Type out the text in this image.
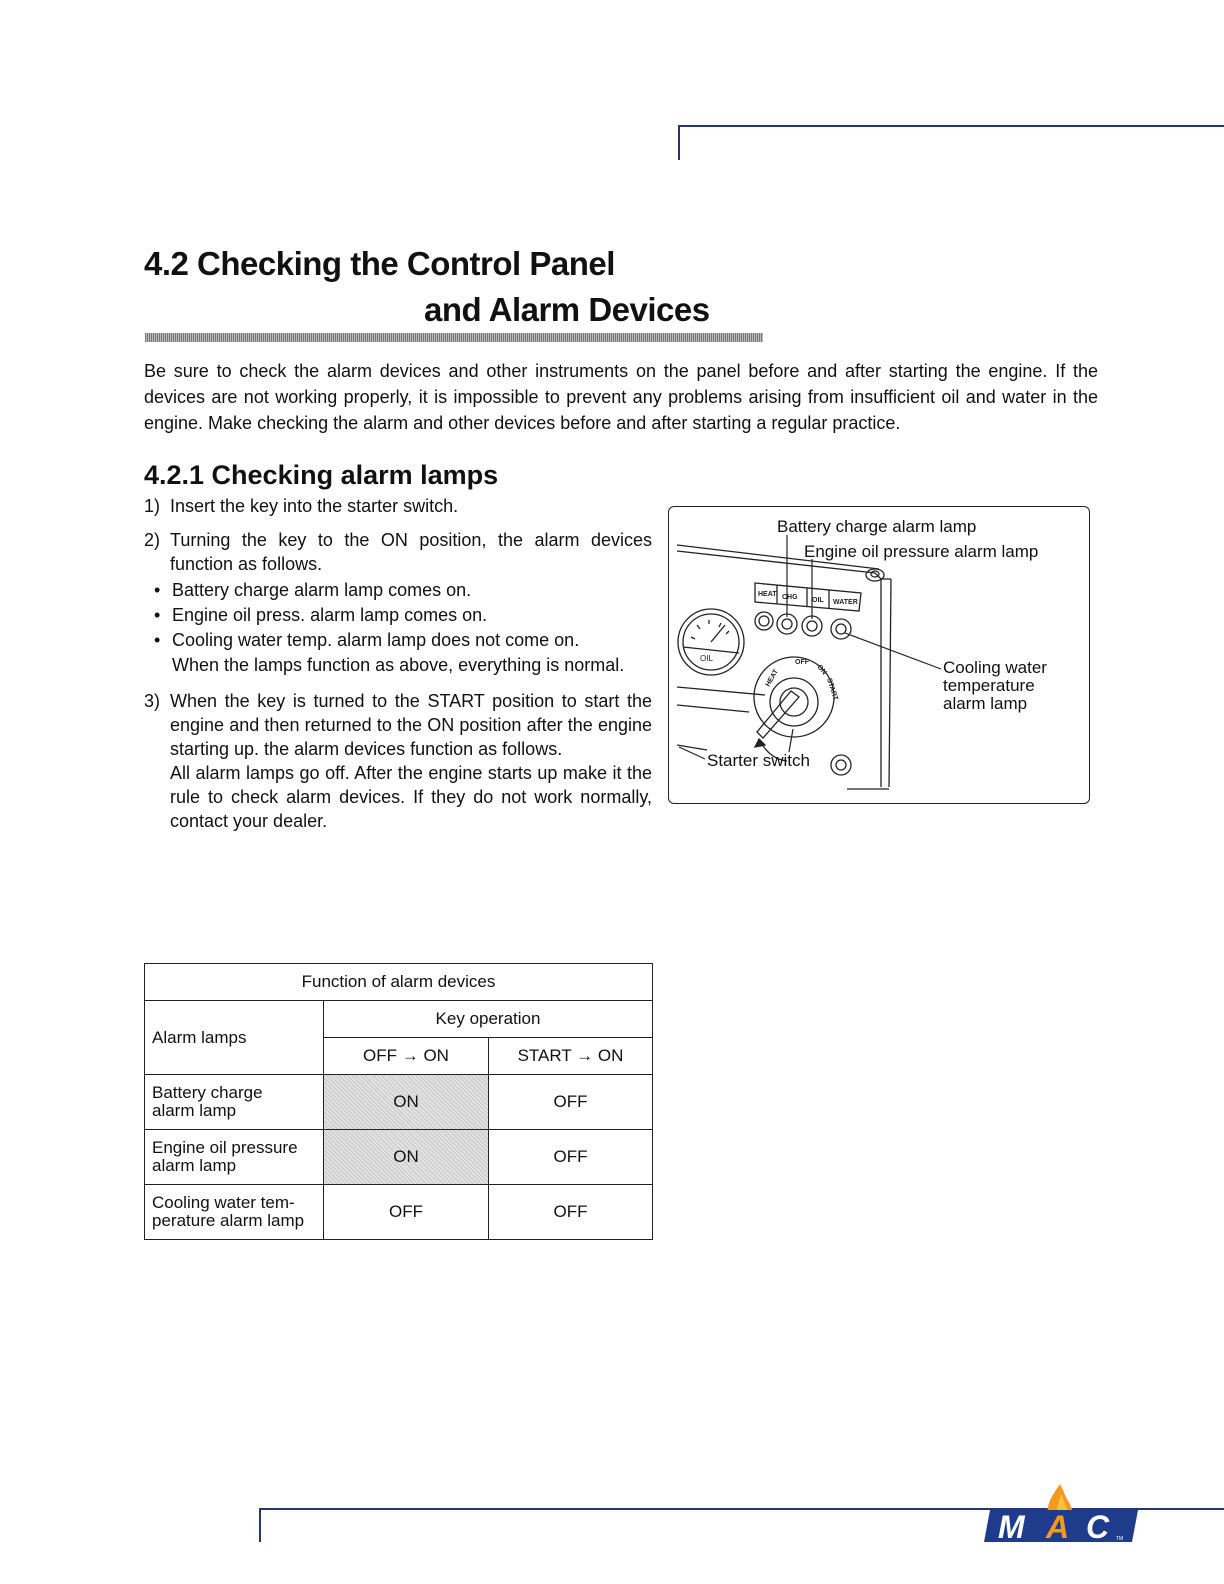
4.2 Checking the Control Panel
and Alarm Devices
Be sure to check the alarm devices and other instruments on the panel before and after starting the engine. If the devices are not working properly, it is impossible to prevent any problems arising from insufficient oil and water in the engine. Make checking the alarm and other devices before and after starting a regular practice.
4.2.1 Checking alarm lamps
1) Insert the key into the starter switch.
2) Turning the key to the ON position, the alarm devices function as follows.
• Battery charge alarm lamp comes on.
• Engine oil press. alarm lamp comes on.
• Cooling water temp. alarm lamp does not come on.
When the lamps function as above, everything is normal.
3) When the key is turned to the START position to start the engine and then returned to the ON position after the engine starting up. the alarm devices function as follows.
All alarm lamps go off. After the engine starts up make it the rule to check alarm devices. If they do not work normally, contact your dealer.
HEAT CHG OIL WATER
OIL	OFF
HEAT	ON
START
Battery charge alarm lamp
Engine oil pressure alarm lamp
Cooling water
temperature
alarm lamp
Starter switch
Function of alarm devices		
Alarm lamps	Key operation	
	OFF → ON	START → ON

Battery charge
alarm lamp	ON	OFF

Engine oil pressure
alarm lamp	ON	OFF

Cooling water tem-
perature alarm lamp	OFF	OFF
M A C TM
